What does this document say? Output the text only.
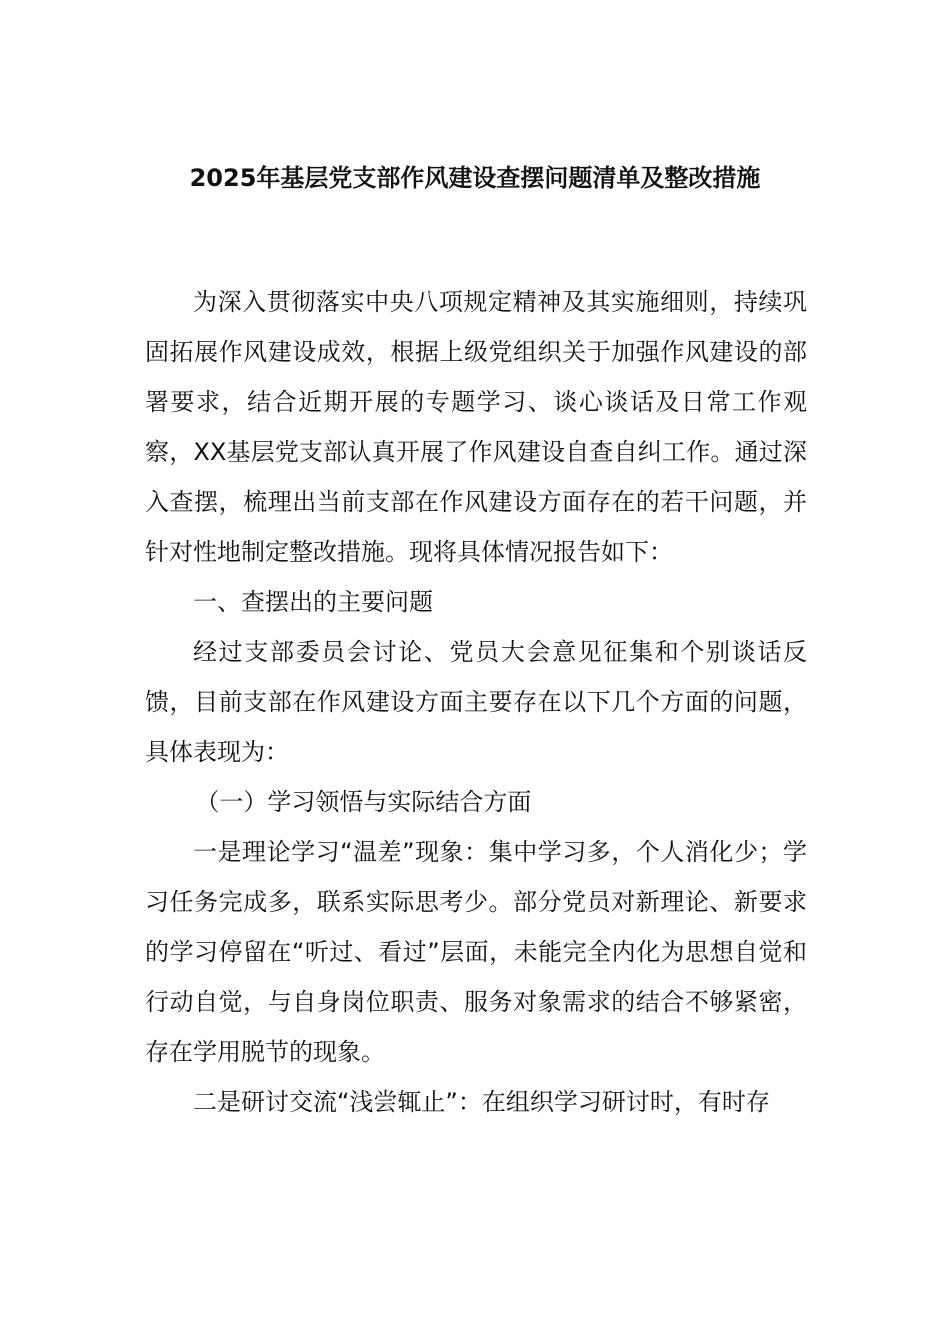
2025年基层党支部作风建设查摆问题清单及整改措施

为深入贯彻落实中央八项规定精神及其实施细则，持续巩固拓展作风建设成效，根据上级党组织关于加强作风建设的部署要求，结合近期开展的专题学习、谈心谈话及日常工作观察，XX基层党支部认真开展了作风建设自查自纠工作。通过深入查摆，梳理出当前支部在作风建设方面存在的若干问题，并针对性地制定整改措施。现将具体情况报告如下：

一、查摆出的主要问题

经过支部委员会讨论、党员大会意见征集和个别谈话反馈，目前支部在作风建设方面主要存在以下几个方面的问题，具体表现为：

（一）学习领悟与实际结合方面

一是理论学习“温差”现象：集中学习多，个人消化少；学习任务完成多，联系实际思考少。部分党员对新理论、新要求的学习停留在“听过、看过”层面，未能完全内化为思想自觉和行动自觉，与自身岗位职责、服务对象需求的结合不够紧密，存在学用脱节的现象。

二是研讨交流“浅尝辄止”：在组织学习研讨时，有时存
